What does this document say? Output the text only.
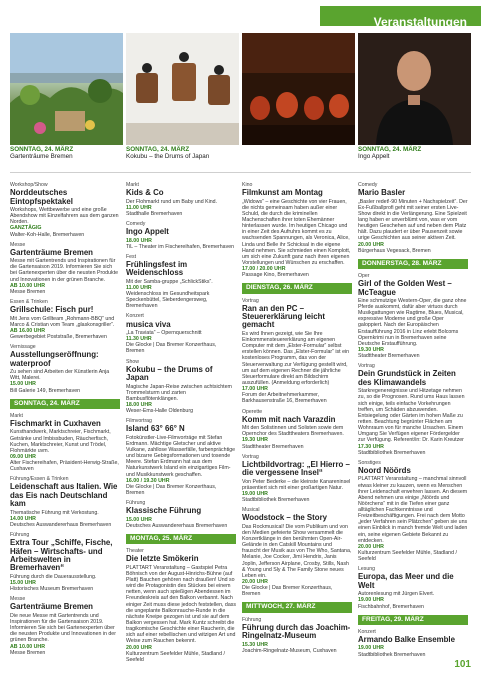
Veranstaltungen
SONNTAG, 24. MÄRZ
Gartenträume Bremen
SONNTAG, 24. MÄRZ
Kokubu – the Drums of Japan
SONNTAG, 24. MÄRZ
Ingo Appelt
Workshop/Show
Norddeutsches Eintopfspektakel
Workshops, Wettbewerbe und eine große Abendshow mit Einzelfahrern aus dem ganzen Norden.
GANZTÄGIG
Walter-Koh-Halle, Bremerhaven
Messe
Gartenträume Bremen
Messe mit Gartentrends und Inspirationen für die Gartensaison 2019. Informieren Sie sich bei Gartenexperten über die neusten Produkte und Innovationen in der grünen Branche.
AB 10.00 UHR
Messe Bremen
Essen & Trinken
Grillschule: Fisch pur!
Mit Jens vom Grillteam „Rohmann-BBQ“ und Marco & Cristian vom Team „glaskonsgriller“.
AB 16.00 UHR
Gewerbegebiet Poststraße, Bremerhaven
Vernissage
Ausstellungseröffnung: waterproof
Zu sehen sind Arbeiten der Künstlerin Anja Witt, Malerei.
15.00 UHR
Bill Galerie 149, Bremerhaven
SONNTAG, 24. MÄRZ
Markt
Fischmarkt in Cuxhaven
Kunsthandwerk, Marktschreier, Fischmarkt, Getränke und Imbissbuden, Räucherfisch, Kuchen, Marktschreier, Kunst und Trödel, Flohmärkte uvm.
09.00 UHR
Alter Fischereihafen, Präsident-Herwig-Straße, Cuxhaven
Führung/Essen & Trinken
Leidenschaft aus Italien. Wie das Eis nach Deutschland kam
Thematische Führung mit Verkostung.
14.00 UHR
Deutsches Auswandererhaus Bremerhaven
Führung
Extra Tour „Schiffe, Fische, Häfen – Wirtschafts- und Arbeitswelten in Bremerhaven“
Führung durch die Dauerausstellung.
15.00 UHR
Historisches Museum Bremerhaven
Messe
Gartenträume Bremen
Die neue Messe mit Gartentrends und Inspirationen für die Gartensaison 2019. Informieren Sie sich bei Gartenexperten über die neusten Produkte und Innovationen in der grünen Branche.
AB 10.00 UHR
Messe Bremen
Markt
Kids & Co
Der Flohmarkt rund um Baby und Kind.
11.00 UHR
Stadthalle Bremerhaven
Comedy
Ingo Appelt
18.00 UHR
TiL – Theater im Fischereihafen, Bremerhaven
Fest
Frühlingsfest im Weidenschloss
Mit der Samba-gruppe „SchlickStiks“.
11.00 UHR
Weidenschloss im Gesundheitspark Speckenbüttel, Sieberdengersweg, Bremerhaven
Konzert
musica viva
„La Traviata“ – Opernquerschnitt
11.30 UHR
Die Glocke | Das Bremer Konzerthaus, Bremen
Show
Kokubu – the Drums of Japan
Magische Japan-Reise zwischen achtsichtem Trommelsturm und zarten Bambusflötenklängen.
18.00 UHR
Weser-Ems-Halle Oldenburg
Filmvortrag
Island 63° 66° N
Fotokünstler-Live-Filmvorträge mit Stefan Erdmann. Mächtige Gletscher und aktive Vulkane, zahllose Wasserfälle, farbenprächtige und bizarre Gebirgsformationen und tosende Meere. Stefan Erdmann hat aus dem Naturkunstwerk Island ein einzigartiges Film- und Musikkunstwerk geschaffen.
16.00 / 19.30 UHR
Die Glocke | Das Bremer Konzerthaus, Bremen
Führung
Klassische Führung
15.00 UHR
Deutsches Auswandererhaus Bremerhaven
MONTAG, 25. MÄRZ
Theater
Die letzte Smökerin
PLATTART Veranstaltung – Gastspiel Petra Böhnisch von der August-Hinrichs-Bühne (auf Platt) Bauchen gehören nach draußen! Und so wird die Protagonistin des Stückes bei einem netten, wenn auch spießigen Abendessen im Freundeskreis auf den Balkon verbannt. Nach einiger Zeit muss diese jedoch feststellen, dass die ungeplante Balkonrauche-Runde in die nächste Kneipe gezogen ist und sie auf dem Balkon vergessen hat. Mark Kuntz schreibt die tragikomische Geschichte einer Raucherin, die sich auf einer rebellischen und witzigen Art und Weise zum Rauchen bekennt.
20.00 UHR
Kulturzentrum Seefelder Mühle, Stadland / Seefeld
Kino
Filmkunst am Montag
„Widows“ – eine Geschichte von vier Frauen, die nichts gemeinsam haben außer einer Schuld, die durch die kriminellen Machenschaften ihrer toten Ehemänner hinterlassen wurde. Im heutigen Chicago und in einer Zeit des Aufruhrs kommt es zu wachsenden Spannungen, als Veronica, Alice, Linda und Belle ihr Schicksal in die eigene Hand nehmen. Sie schmieden einen Komplott, um sich eine Zukunft ganz nach ihren eigenen Vorstellungen und Wünschen zu erschaffen.
17.00 / 20.00 UHR
Passage Kino, Bremerhaven
DIENSTAG, 26. MÄRZ
Vortrag
Ran an den PC – Steuererklärung leicht gemacht
Es wird Ihnen gezeigt, wie Sie Ihre Einkommensteuererklärung am eigenen Computer mit dem „Elster-Formular“ selbst erstellen können. Das „Elster-Formular“ ist ein kostenloses Programm, das von der Steuerverwaltung zur Verfügung gestellt wird, um auf dem eigenen Rechner die jährliche Steuerformulare direkt am Bildschirm auszufüllen. (Anmeldung erforderlich)
17.00 UHR
Forum der Arbeitnehmerkammer, Barkhausenstraße 16, Bremerhaven
Operette
Komm mit nach Varazdin
Mit den Solistinnen und Solisten sowie dem Opernchor des Stadttheaters Bremerhaven.
19.30 UHR
Stadttheater Bremerhaven
Vortrag
Lichtbildvortrag: „El Hierro – die vergessene Insel“
Von Peter Bederke – die kleinste Kanareninsel präsentiert sich mit einer großartigen Natur.
19.00 UHR
Stadtbibliothek Bremerhaven
Musical
Woodstock – the Story
Das Rockmusical! Die vom Publikum und von den Medien gefeierte Show versammelt die Konzertklänge in den berühmten Open-Air-Gelände in den Catskill Mountains und frauscht der Musik aus von The Who, Santana, Melanie, Joe Cocker, Jimi Hendrix, Janis Joplin, Jefferson Airplane, Crosby, Stills, Nash & Young und Sly & The Family Stone neues Leben ein.
20.00 UHR
Die Glocke | Das Bremer Konzerthaus, Bremen
MITTWOCH, 27. MÄRZ
Führung
Führung durch das Joachim-Ringelnatz-Museum
15.30 UHR
Joachim-Ringelnatz-Museum, Cuxhaven
Comedy
Mario Basler
„Basler redet!-90 Minuten + Nachspielzeit“. Der Ex-Fußballprofi geht mit seiner ersten Live-Show direkt in die Verlängerung. Eine Spielzeit lang haben er unverblümt von, was er vom heutigen Geschehen auf und neben dem Platz hält. Dazu plaudert er über Pausenzeit sowie urige Geschichten aus seiner aktiven Zeit.
20.00 UHR
Bürgerhaus Vegesack, Bremen
DONNERSTAG, 28. MÄRZ
Oper
Girl of the Golden West – McTeague
Eine schmutzige Western-Oper, die ganz ohne Pferde auskommt, dafür aber virtuos durch Musikgattungen wie Ragtime, Blues, Musical, expressive Moderne und große Oper galoppiert. Nach der Europäischen Erstaufführung 2016 in Linz erlebt Bolcoms Opernkrimi nun in Bremerhaven seine Deutsche Erstaufführung.
19.30 UHR
Stadttheater Bremerhaven
Vortrag
Dein Grundstück in Zeiten des Klimawandels
Starkregenereignisse und Hitzetage nehmen zu, so die Prognosen. Rund ums Haus lassen sich einige, teils einfache Vorkehrungen treffen, um Schäden abzuwenden. Entsiegelung oder Gärten im hohen Maße zu retten. Beachtung begrünter Flächen am Wohnraum von für manche Ursachen. Einem Umgang Sie Verfügen eigener Fördergelder zur Verfügung. Referent/in: Dr. Karin Kreutzer
17.30 UHR
Stadtbibliothek Bremerhaven
Sonstiges
Noord Nöörds
PLATTART Veranstaltung – manchmal sinnvoll etwas kleiner zu kauzen, wenn es Menschen ihrer Leidenschaft erwehren lassen. An diesem Abend nehmen uns einige „Nöörds und Nöörchens“ mit in die Tiefen einer ganz alltäglichen Fachkenntnisse und Freizeitbeschäftigungen. Frei nach dem Motto „jeder Verfahren sein Plätzchen“ geben sie uns einen Einblick in manch fremde Welt und laden ein, seine eigenen Gebiete Bekannt zu entdecken.
20.00 UHR
Kulturzentrum Seefelder Mühle, Stadland / Seefeld
Lesung
Europa, das Meer und die Welt
Autorenlesung mit Jürgen Elvert.
19.00 UHR
Fischbahnhof, Bremerhaven
FREITAG, 29. MÄRZ
Konzert
Armando Balke Ensemble
19.00 UHR
Stadtbibliothek Bremerhaven
101
